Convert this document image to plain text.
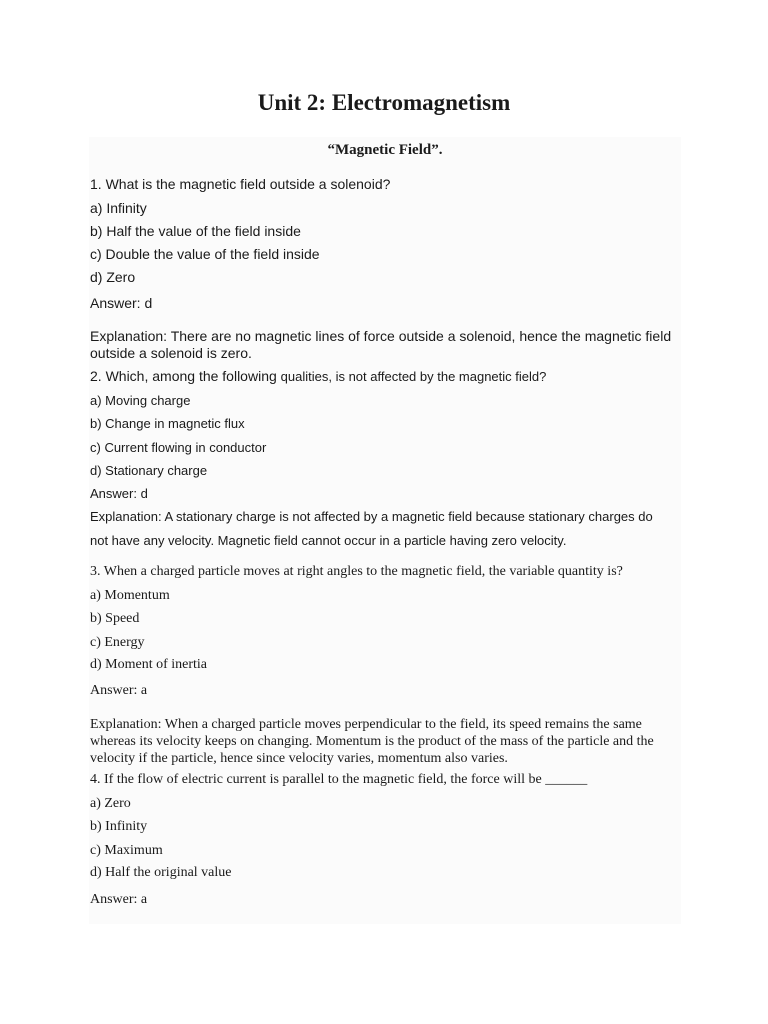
Unit 2: Electromagnetism
“Magnetic Field”.
1. What is the magnetic field outside a solenoid?
a) Infinity
b) Half the value of the field inside
c) Double the value of the field inside
d) Zero
Answer: d
Explanation: There are no magnetic lines of force outside a solenoid, hence the magnetic field outside a solenoid is zero.
2. Which, among the following qualities, is not affected by the magnetic field?
a) Moving charge
b) Change in magnetic flux
c) Current flowing in conductor
d) Stationary charge
Answer: d
Explanation: A stationary charge is not affected by a magnetic field because stationary charges do
not have any velocity. Magnetic field cannot occur in a particle having zero velocity.
3. When a charged particle moves at right angles to the magnetic field, the variable quantity is?
a) Momentum
b) Speed
c) Energy
d) Moment of inertia
Answer: a
Explanation: When a charged particle moves perpendicular to the field, its speed remains the same whereas its velocity keeps on changing. Momentum is the product of the mass of the particle and the velocity if the particle, hence since velocity varies, momentum also varies.
4. If the flow of electric current is parallel to the magnetic field, the force will be ______
a) Zero
b) Infinity
c) Maximum
d) Half the original value
Answer: a
